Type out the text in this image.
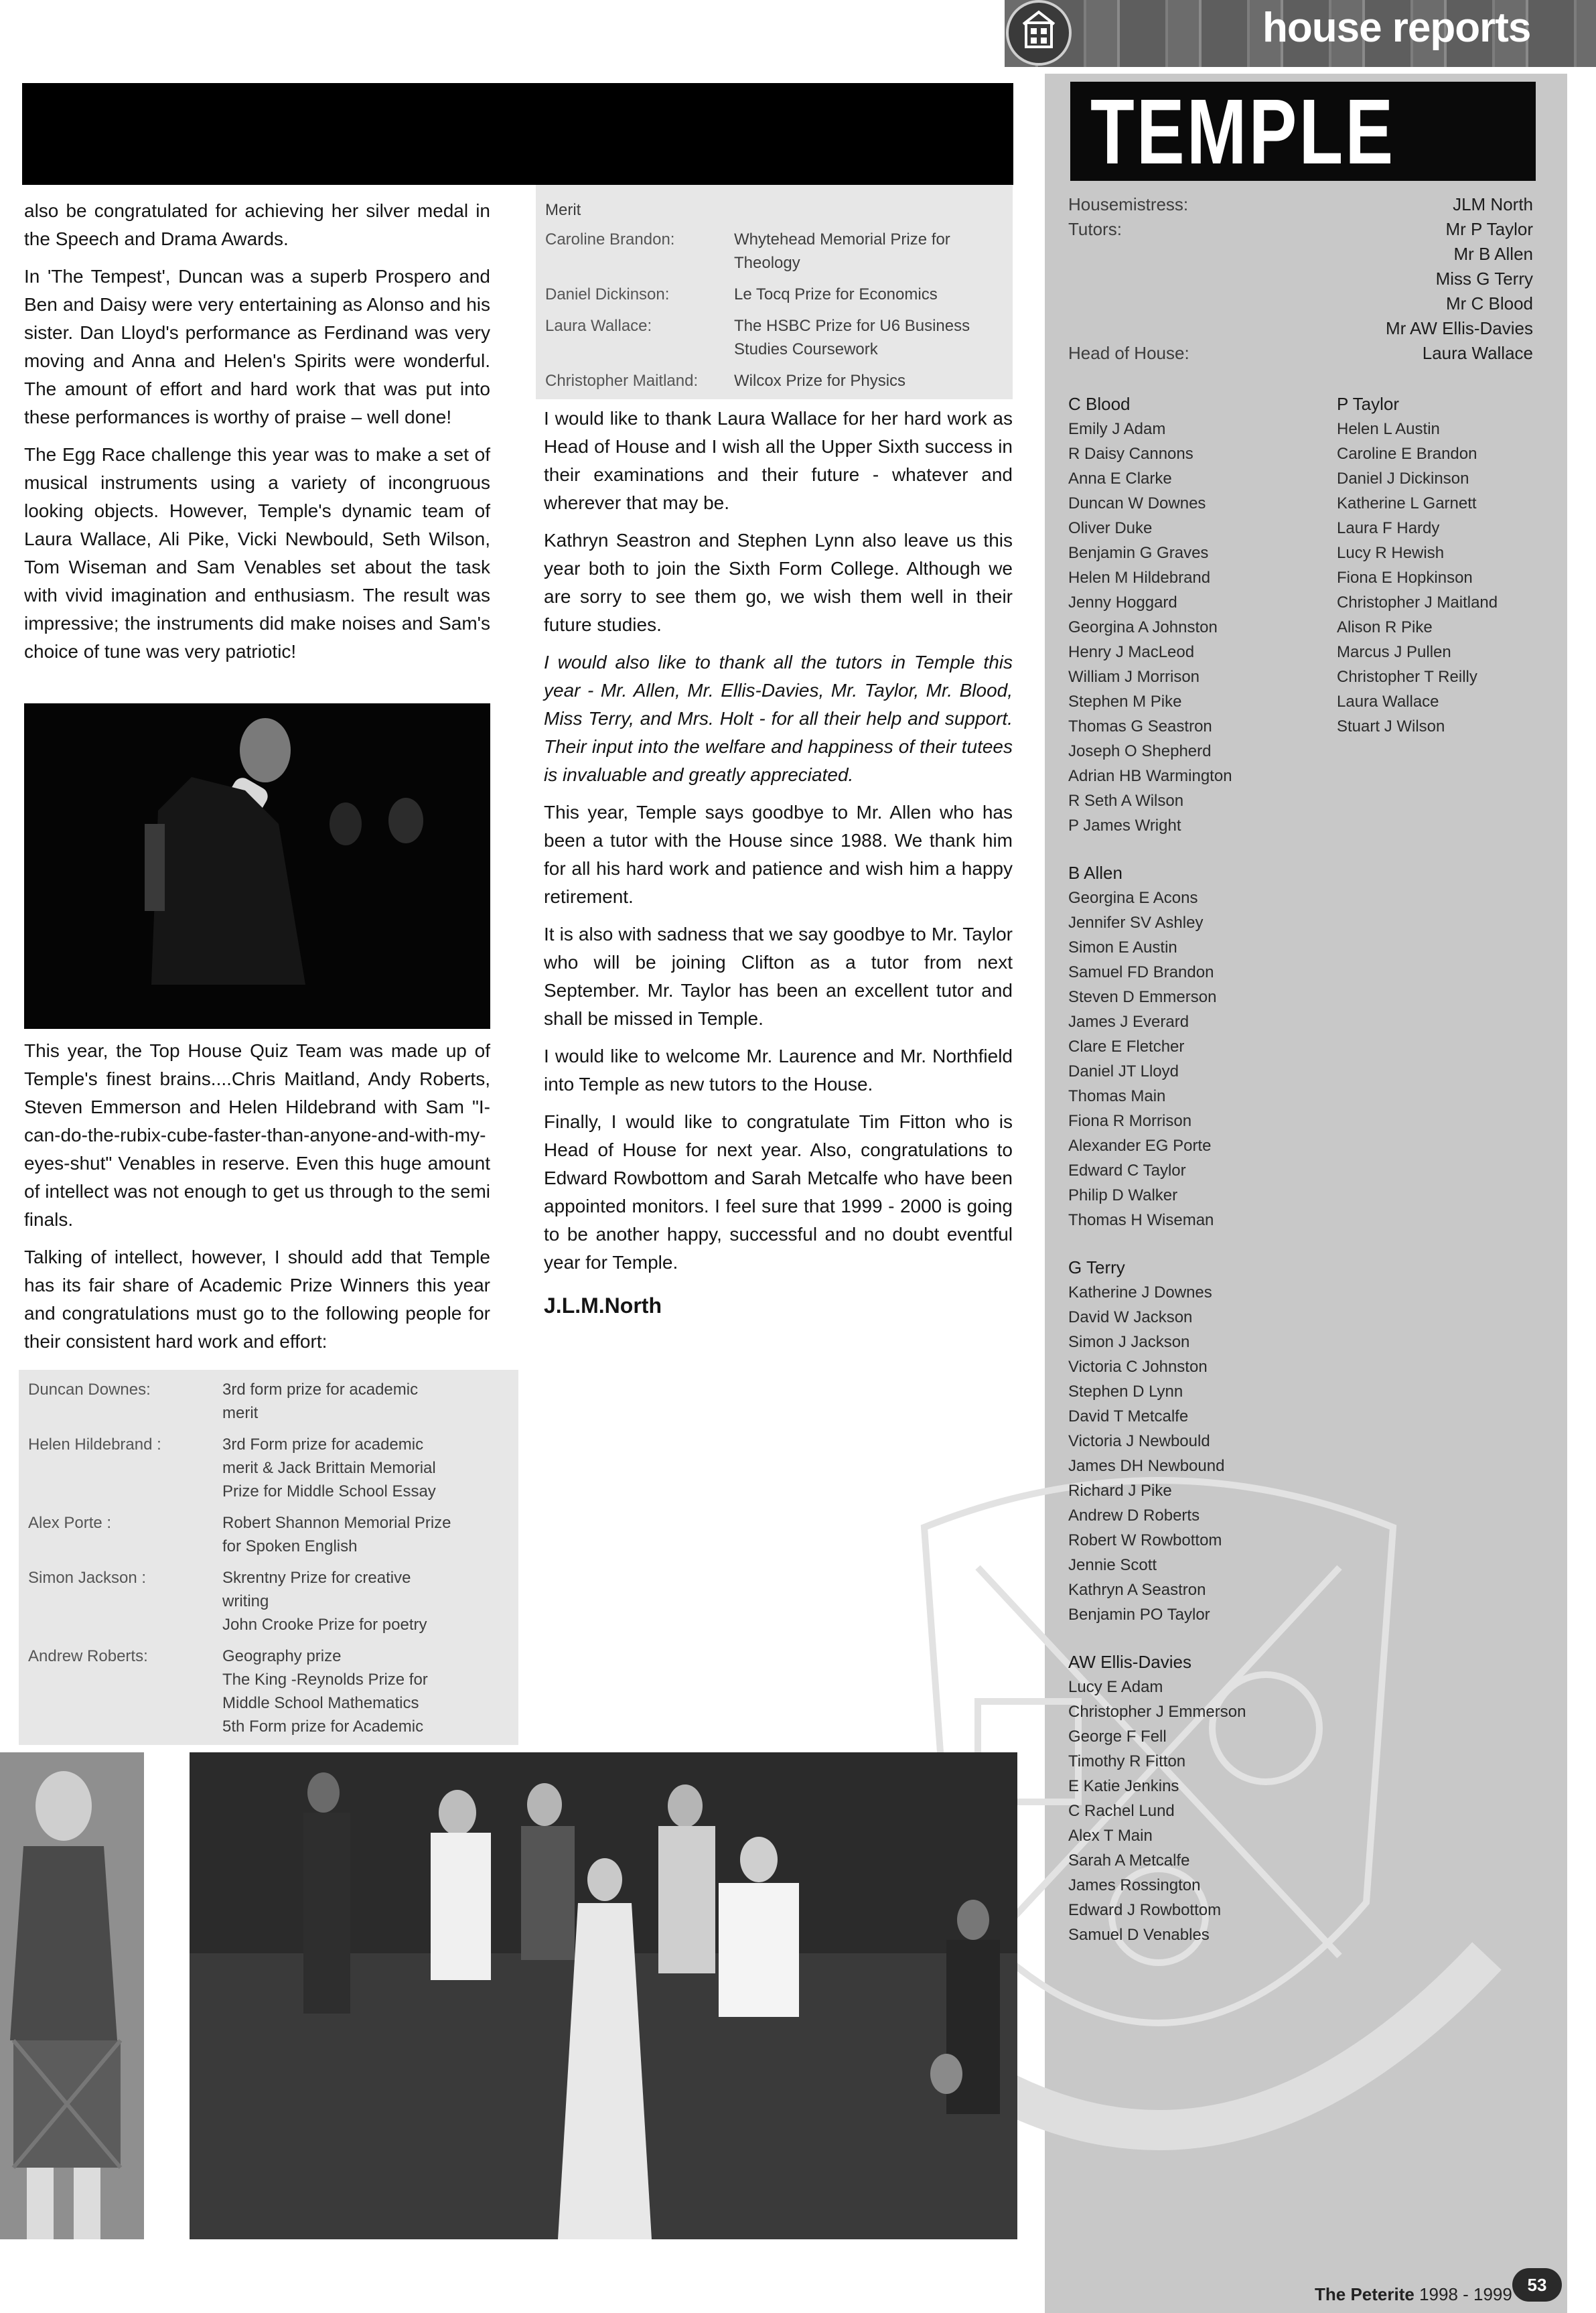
house reports
TEMPLE
Housemistress:	JLM North
Tutors:	Mr P Taylor
Mr B Allen
Miss G Terry
Mr C Blood
Mr AW Ellis-Davies
Head of House:	Laura Wallace
C Blood
Emily J Adam
R Daisy Cannons
Anna E Clarke
Duncan W Downes
Oliver Duke
Benjamin G Graves
Helen M Hildebrand
Jenny Hoggard
Georgina A Johnston
Henry J MacLeod
William J Morrison
Stephen M Pike
Thomas G Seastron
Joseph O Shepherd
Adrian HB Warmington
R Seth A Wilson
P James Wright
B Allen
Georgina E Acons
Jennifer SV Ashley
Simon E Austin
Samuel FD Brandon
Steven D Emmerson
James J Everard
Clare E Fletcher
Daniel JT Lloyd
Thomas Main
Fiona R Morrison
Alexander EG Porte
Edward C Taylor
Philip D Walker
Thomas H Wiseman
G Terry
Katherine J Downes
David W Jackson
Simon J Jackson
Victoria C Johnston
Stephen D Lynn
David T Metcalfe
Victoria J Newbould
James DH Newbound
Richard J Pike
Andrew D Roberts
Robert W Rowbottom
Jennie Scott
Kathryn A Seastron
Benjamin PO Taylor
AW Ellis-Davies
Lucy E Adam
Christopher J Emmerson
George F Fell
Timothy R Fitton
E Katie Jenkins
C Rachel Lund
Alex T Main
Sarah A Metcalfe
James Rossington
Edward J Rowbottom
Samuel D Venables
P Taylor
Helen L Austin
Caroline E Brandon
Daniel J Dickinson
Katherine L Garnett
Laura F Hardy
Lucy R Hewish
Fiona E Hopkinson
Christopher J Maitland
Alison R Pike
Marcus J Pullen
Christopher T Reilly
Laura Wallace
Stuart J Wilson

also be congratulated for achieving her silver medal in the Speech and Drama Awards.

In 'The Tempest', Duncan was a superb Prospero and Ben and Daisy were very entertaining as Alonso and his sister. Dan Lloyd's performance as Ferdinand was very moving and Anna and Helen's Spirits were wonderful. The amount of effort and hard work that was put into these performances is worthy of praise – well done!

The Egg Race challenge this year was to make a set of musical instruments using a variety of incongruous looking objects. However, Temple's dynamic team of Laura Wallace, Ali Pike, Vicki Newbould, Seth Wilson, Tom Wiseman and Sam Venables set about the task with vivid imagination and enthusiasm. The result was impressive; the instruments did make noises and Sam's choice of tune was very patriotic!

This year, the Top House Quiz Team was made up of Temple's finest brains....Chris Maitland, Andy Roberts, Steven Emmerson and Helen Hildebrand with Sam "I-can-do-the-rubix-cube-faster-than-anyone-and-with-my-eyes-shut" Venables in reserve. Even this huge amount of intellect was not enough to get us through to the semi finals.

Talking of intellect, however, I should add that Temple has its fair share of Academic Prize Winners this year and congratulations must go to the following people for their consistent hard work and effort:

Duncan Downes:	3rd form prize for academic
merit
Helen Hildebrand :	3rd Form prize for academic
merit & Jack Brittain Memorial
Prize for Middle School Essay
Alex Porte :	Robert Shannon Memorial Prize
for Spoken English
Simon Jackson :	Skrentny Prize for creative
writing
John Crooke Prize for poetry
Andrew Roberts:	Geography prize
The King -Reynolds Prize for
Middle School Mathematics
5th Form prize for Academic
Merit
Caroline Brandon:	Whytehead Memorial Prize for
Theology
Daniel Dickinson:	Le Tocq Prize for Economics
Laura Wallace:	The HSBC Prize for U6 Business
Studies Coursework
Christopher Maitland: Wilcox Prize for Physics

I would like to thank Laura Wallace for her hard work as Head of House and I wish all the Upper Sixth success in their examinations and their future - whatever and wherever that may be.

Kathryn Seastron and Stephen Lynn also leave us this year both to join the Sixth Form College. Although we are sorry to see them go, we wish them well in their future studies.

I would also like to thank all the tutors in Temple this year - Mr. Allen, Mr. Ellis-Davies, Mr. Taylor, Mr. Blood, Miss Terry, and Mrs. Holt - for all their help and support. Their input into the welfare and happiness of their tutees is invaluable and greatly appreciated.

This year, Temple says goodbye to Mr. Allen who has been a tutor with the House since 1988. We thank him for all his hard work and patience and wish him a happy retirement.

It is also with sadness that we say goodbye to Mr. Taylor who will be joining Clifton as a tutor from next September. Mr. Taylor has been an excellent tutor and shall be missed in Temple.

I would like to welcome Mr. Laurence and Mr. Northfield into Temple as new tutors to the House.

Finally, I would like to congratulate Tim Fitton who is Head of House for next year. Also, congratulations to Edward Rowbottom and Sarah Metcalfe who have been appointed monitors. I feel sure that 1999 - 2000 is going to be another happy, successful and no doubt eventful year for Temple.

J.L.M.North

The Peterite 1998 - 1999 53
